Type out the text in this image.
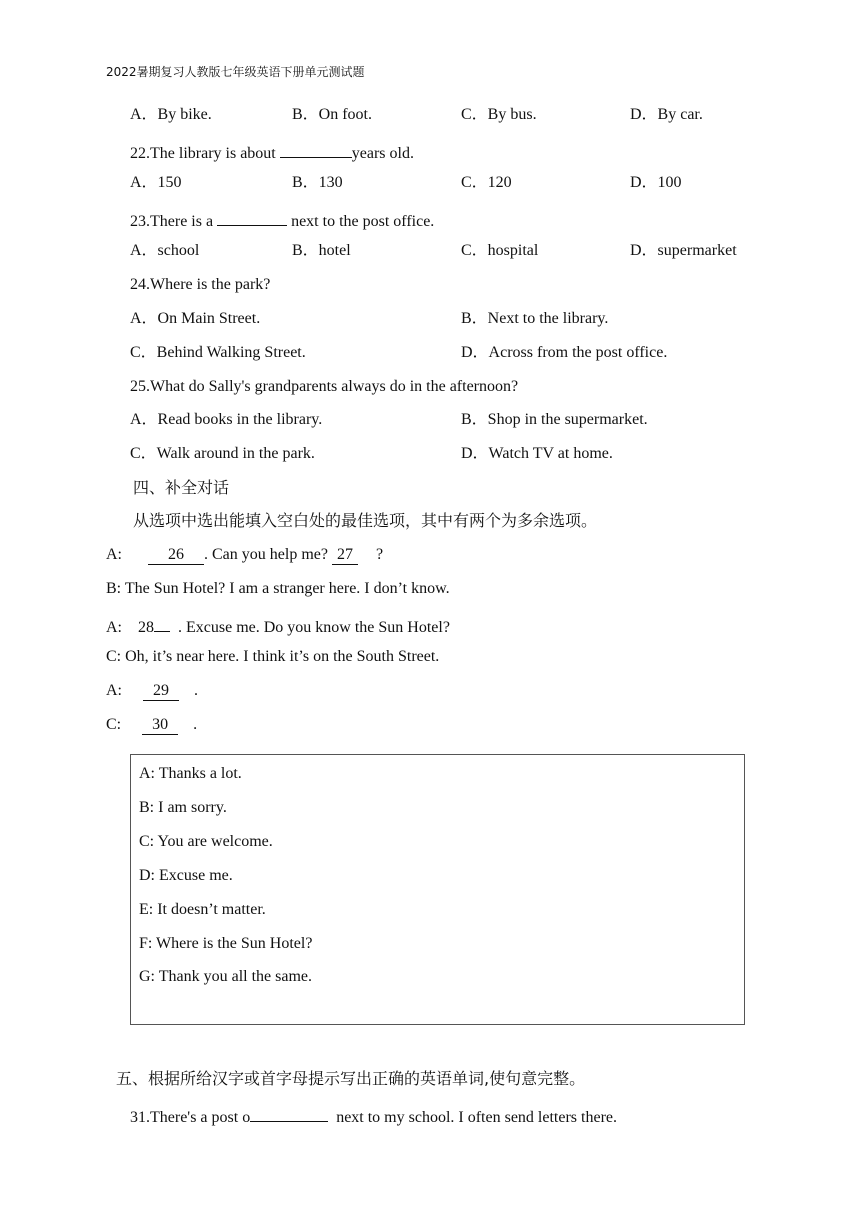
2022暑期复习人教版七年级英语下册单元测试题
A．By bike.	B．On foot.	C．By bus.	D．By car.
22.The library is about	years old.
A．150	B．130	C．120	D．100
23.There is a	next to the post office.
A．school	B．hotel	C．hospital	D．supermarket
24.Where is the park?
A．On Main Street.	B．Next to the library.
C．Behind Walking Street.	D．Across from the post office.
25.What do Sally's grandparents always do in the afternoon?
A．Read books in the library.	B．Shop in the supermarket.
C．Walk around in the park.	D．Watch TV at home.
四、补全对话
从选项中选出能填入空白处的最佳选项，其中有两个为多余选项。
A:	26 . Can you help me? 27 ?
B: The Sun Hotel? I am a stranger here. I don’t know.
A: 28 . Excuse me. Do you know the Sun Hotel?
C: Oh, it’s near here. I think it’s on the South Street.
A: 29 .
C: 30 .
A: Thanks a lot.
B: I am sorry.
C: You are welcome.
D: Excuse me.
E: It doesn’t matter.
F: Where is the Sun Hotel?
G: Thank you all the same.
五、根据所给汉字或首字母提示写出正确的英语单词,使句意完整。
31.There's a post o	next to my school. I often send letters there.
